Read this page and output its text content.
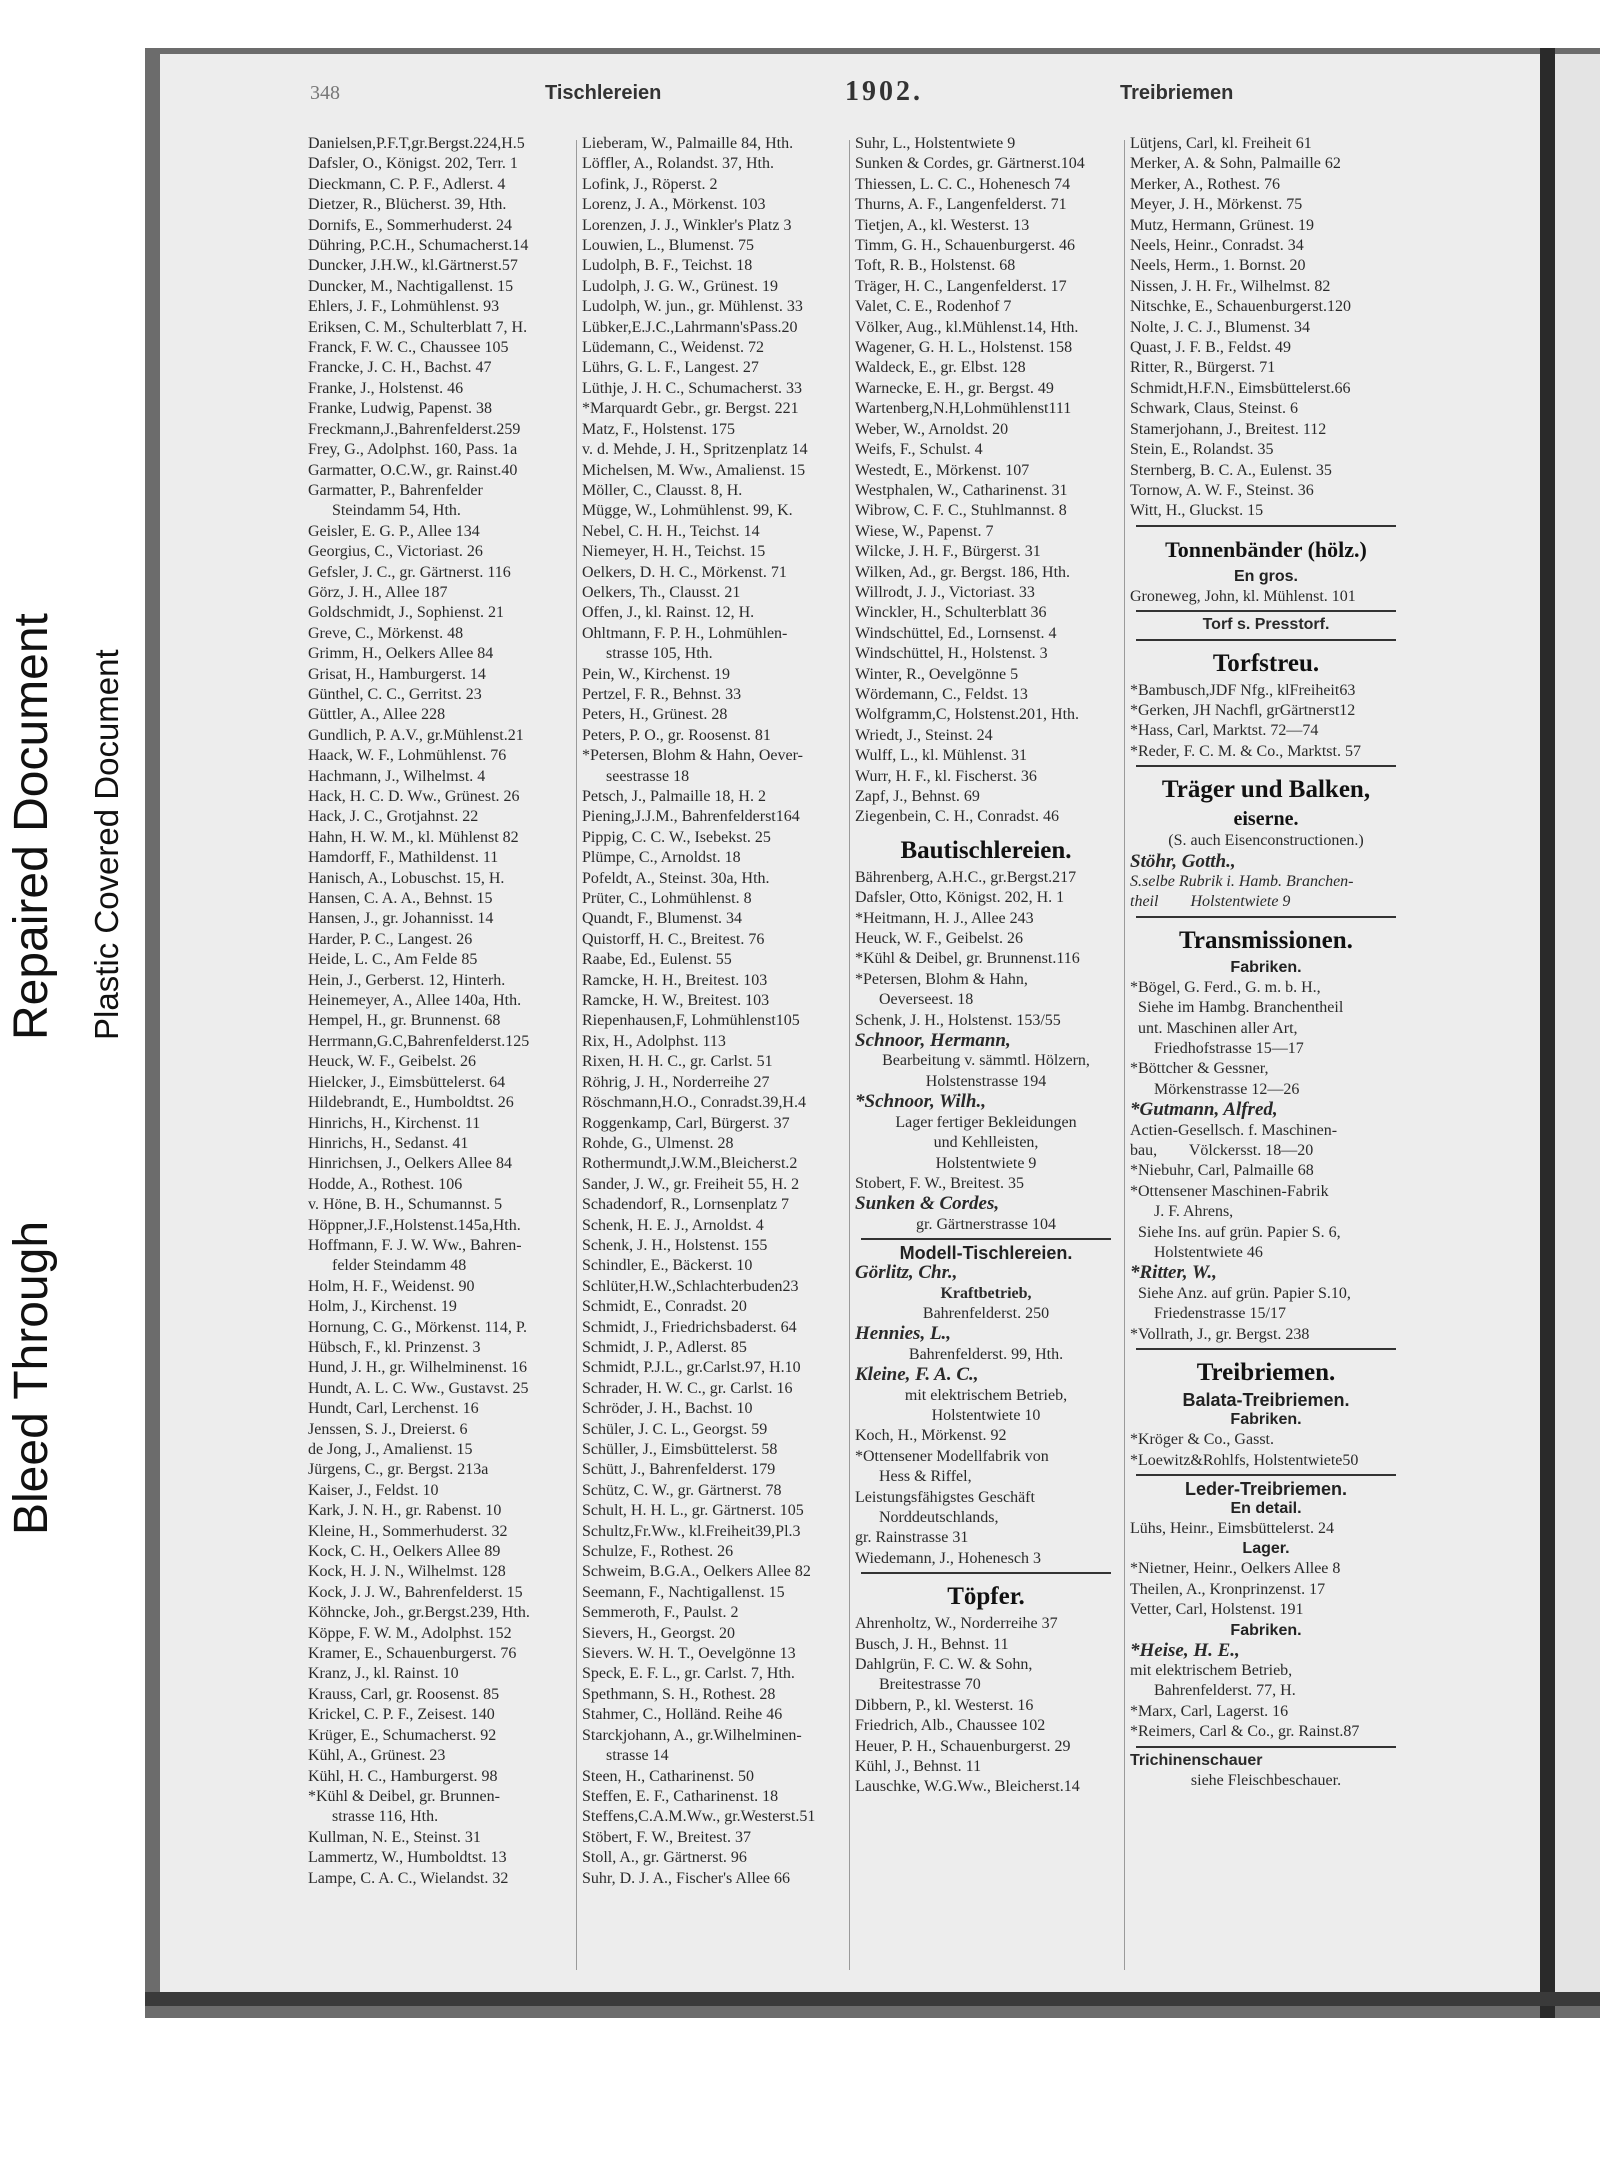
Bleed Through
Repaired Document Plastic Covered Document
348	Tischlereien	1902.	Treibriemen
Danielsen,P.F.T,gr.Bergst.224,H.5
Dafsler, O., Königst. 202, Terr. 1
Dieckmann, C. P. F., Adlerst. 4
Dietzer, R., Blücherst. 39, Hth.
Dornifs, E., Sommerhuderst. 24
Dühring, P.C.H., Schumacherst.14
Duncker, J.H.W., kl.Gärtnerst.57
Duncker, M., Nachtigallenst. 15
Ehlers, J. F., Lohmühlenst. 93
Eriksen, C. M., Schulterblatt 7, H.
Franck, F. W. C., Chaussee 105
Francke, J. C. H., Bachst. 47
Franke, J., Holstenst. 46
Franke, Ludwig, Papenst. 38
Freckmann,J.,Bahrenfelderst.259
Frey, G., Adolphst. 160, Pass. 1a
Garmatter, O.C.W., gr. Rainst.40
Garmatter, P., Bahrenfelder
Steindamm 54, Hth.
Geisler, E. G. P., Allee 134
Georgius, C., Victoriast. 26
Gefsler, J. C., gr. Gärtnerst. 116
Görz, J. H., Allee 187
Goldschmidt, J., Sophienst. 21
Greve, C., Mörkenst. 48
Grimm, H., Oelkers Allee 84
Grisat, H., Hamburgerst. 14
Günthel, C. C., Gerritst. 23
Güttler, A., Allee 228
Gundlich, P. A.V., gr.Mühlenst.21
Haack, W. F., Lohmühlenst. 76
Hachmann, J., Wilhelmst. 4
Hack, H. C. D. Ww., Grünest. 26
Hack, J. C., Grotjahnst. 22
Hahn, H. W. M., kl. Mühlenst 82
Hamdorff, F., Mathildenst. 11
Hanisch, A., Lobuschst. 15, H.
Hansen, C. A. A., Behnst. 15
Hansen, J., gr. Johannisst. 14
Harder, P. C., Langest. 26
Heide, L. C., Am Felde 85
Hein, J., Gerberst. 12, Hinterh.
Heinemeyer, A., Allee 140a, Hth.
Hempel, H., gr. Brunnenst. 68
Herrmann,G.C,Bahrenfelderst.125
Heuck, W. F., Geibelst. 26
Hielcker, J., Eimsbüttelerst. 64
Hildebrandt, E., Humboldtst. 26
Hinrichs, H., Kirchenst. 11
Hinrichs, H., Sedanst. 41
Hinrichsen, J., Oelkers Allee 84
Hodde, A., Rothest. 106
v. Höne, B. H., Schumannst. 5
Höppner,J.F.,Holstenst.145a,Hth.
Hoffmann, F. J. W. Ww., Bahren-
felder Steindamm 48
Holm, H. F., Weidenst. 90
Holm, J., Kirchenst. 19
Hornung, C. G., Mörkenst. 114, P.
Hübsch, F., kl. Prinzenst. 3
Hund, J. H., gr. Wilhelminenst. 16
Hundt, A. L. C. Ww., Gustavst. 25
Hundt, Carl, Lerchenst. 16
Jenssen, S. J., Dreierst. 6
de Jong, J., Amalienst. 15
Jürgens, C., gr. Bergst. 213a
Kaiser, J., Feldst. 10
Kark, J. N. H., gr. Rabenst. 10
Kleine, H., Sommerhuderst. 32
Kock, C. H., Oelkers Allee 89
Kock, H. J. N., Wilhelmst. 128
Kock, J. J. W., Bahrenfelderst. 15
Köhncke, Joh., gr.Bergst.239, Hth.
Köppe, F. W. M., Adolphst. 152
Kramer, E., Schauenburgerst. 76
Kranz, J., kl. Rainst. 10
Krauss, Carl, gr. Roosenst. 85
Krickel, C. P. F., Zeisest. 140
Krüger, E., Schumacherst. 92
Kühl, A., Grünest. 23
Kühl, H. C., Hamburgerst. 98
*Kühl & Deibel, gr. Brunnen-
strasse 116, Hth.
Kullman, N. E., Steinst. 31
Lammertz, W., Humboldtst. 13
Lampe, C. A. C., Wielandst. 32
Lieberam, W., Palmaille 84, Hth.
Löffler, A., Rolandst. 37, Hth.
Lofink, J., Röperst. 2
Lorenz, J. A., Mörkenst. 103
Lorenzen, J. J., Winkler's Platz 3
Louwien, L., Blumenst. 75
Ludolph, B. F., Teichst. 18
Ludolph, J. G. W., Grünest. 19
Ludolph, W. jun., gr. Mühlenst. 33
Lübker,E.J.C.,Lahrmann'sPass.20
Lüdemann, C., Weidenst. 72
Lührs, G. L. F., Langest. 27
Lüthje, J. H. C., Schumacherst. 33
*Marquardt Gebr., gr. Bergst. 221
Matz, F., Holstenst. 175
v. d. Mehde, J. H., Spritzenplatz 14
Michelsen, M. Ww., Amalienst. 15
Möller, C., Clausst. 8, H.
Mügge, W., Lohmühlenst. 99, K.
Nebel, C. H. H., Teichst. 14
Niemeyer, H. H., Teichst. 15
Oelkers, D. H. C., Mörkenst. 71
Oelkers, Th., Clausst. 21
Offen, J., kl. Rainst. 12, H.
Ohltmann, F. P. H., Lohmühlen-
strasse 105, Hth.
Pein, W., Kirchenst. 19
Pertzel, F. R., Behnst. 33
Peters, H., Grünest. 28
Peters, P. O., gr. Roosenst. 81
*Petersen, Blohm & Hahn, Oever-
seestrasse 18
Petsch, J., Palmaille 18, H. 2
Piening,J.J.M., Bahrenfelderst164
Pippig, C. C. W., Isebekst. 25
Plümpe, C., Arnoldst. 18
Pofeldt, A., Steinst. 30a, Hth.
Prüter, C., Lohmühlenst. 8
Quandt, F., Blumenst. 34
Quistorff, H. C., Breitest. 76
Raabe, Ed., Eulenst. 55
Ramcke, H. H., Breitest. 103
Ramcke, H. W., Breitest. 103
Riepenhausen,F, Lohmühlenst105
Rix, H., Adolphst. 113
Rixen, H. H. C., gr. Carlst. 51
Röhrig, J. H., Norderreihe 27
Röschmann,H.O., Conradst.39,H.4
Roggenkamp, Carl, Bürgerst. 37
Rohde, G., Ulmenst. 28
Rothermundt,J.W.M.,Bleicherst.2
Sander, J. W., gr. Freiheit 55, H. 2
Schadendorf, R., Lornsenplatz 7
Schenk, H. E. J., Arnoldst. 4
Schenk, J. H., Holstenst. 155
Schindler, E., Bäckerst. 10
Schlüter,H.W.,Schlachterbuden23
Schmidt, E., Conradst. 20
Schmidt, J., Friedrichsbaderst. 64
Schmidt, J. P., Adlerst. 85
Schmidt, P.J.L., gr.Carlst.97, H.10
Schrader, H. W. C., gr. Carlst. 16
Schröder, J. H., Bachst. 10
Schüler, J. C. L., Georgst. 59
Schüller, J., Eimsbüttelerst. 58
Schütt, J., Bahrenfelderst. 179
Schütz, C. W., gr. Gärtnerst. 78
Schult, H. H. L., gr. Gärtnerst. 105
Schultz,Fr.Ww., kl.Freiheit39,Pl.3
Schulze, F., Rothest. 26
Schweim, B.G.A., Oelkers Allee 82
Seemann, F., Nachtigallenst. 15
Semmeroth, F., Paulst. 2
Sievers, H., Georgst. 20
Sievers. W. H. T., Oevelgönne 13
Speck, E. F. L., gr. Carlst. 7, Hth.
Spethmann, S. H., Rothest. 28
Stahmer, C., Holländ. Reihe 46
Starckjohann, A., gr.Wilhelminen-
strasse 14
Steen, H., Catharinenst. 50
Steffen, E. F., Catharinenst. 18
Steffens,C.A.M.Ww., gr.Westerst.51
Stöbert, F. W., Breitest. 37
Stoll, A., gr. Gärtnerst. 96
Suhr, D. J. A., Fischer's Allee 66
Suhr, L., Holstentwiete 9
Sunken & Cordes, gr. Gärtnerst.104
Thiessen, L. C. C., Hohenesch 74
Thurns, A. F., Langenfelderst. 71
Tietjen, A., kl. Westerst. 13
Timm, G. H., Schauenburgerst. 46
Toft, R. B., Holstenst. 68
Träger, H. C., Langenfelderst. 17
Valet, C. E., Rodenhof 7
Völker, Aug., kl.Mühlenst.14, Hth.
Wagener, G. H. L., Holstenst. 158
Waldeck, E., gr. Elbst. 128
Warnecke, E. H., gr. Bergst. 49
Wartenberg,N.H,Lohmühlenst111
Weber, W., Arnoldst. 20
Weifs, F., Schulst. 4
Westedt, E., Mörkenst. 107
Westphalen, W., Catharinenst. 31
Wibrow, C. F. C., Stuhlmannst. 8
Wiese, W., Papenst. 7
Wilcke, J. H. F., Bürgerst. 31
Wilken, Ad., gr. Bergst. 186, Hth.
Willrodt, J. J., Victoriast. 33
Winckler, H., Schulterblatt 36
Windschüttel, Ed., Lornsenst. 4
Windschüttel, H., Holstenst. 3
Winter, R., Oevelgönne 5
Wördemann, C., Feldst. 13
Wolfgramm,C, Holstenst.201, Hth.
Wriedt, J., Steinst. 24
Wulff, L., kl. Mühlenst. 31
Wurr, H. F., kl. Fischerst. 36
Zapf, J., Behnst. 69
Ziegenbein, C. H., Conradst. 46
Bautischlereien.
Bährenberg, A.H.C., gr.Bergst.217
Dafsler, Otto, Königst. 202, H. 1
*Heitmann, H. J., Allee 243
Heuck, W. F., Geibelst. 26
*Kühl & Deibel, gr. Brunnenst.116
*Petersen, Blohm & Hahn,
Oeverseest. 18
Schenk, J. H., Holstenst. 153/55
Schnoor, Hermann,
Bearbeitung v. sämmtl. Hölzern,
Holstenstrasse 194
*Schnoor, Wilh.,
Lager fertiger Bekleidungen
und Kehlleisten,
Holstentwiete 9
Stobert, F. W., Breitest. 35
Sunken & Cordes,
gr. Gärtnerstrasse 104
Modell-Tischlereien.
Görlitz, Chr.,
Kraftbetrieb,
Bahrenfelderst. 250
Hennies, L.,
Bahrenfelderst. 99, Hth.
Kleine, F. A. C.,
mit elektrischem Betrieb,
Holstentwiete 10
Koch, H., Mörkenst. 92
*Ottensener Modellfabrik von
Hess & Riffel,
Leistungsfähigstes Geschäft
Norddeutschlands,
gr. Rainstrasse 31
Wiedemann, J., Hohenesch 3
Töpfer.
Ahrenholtz, W., Norderreihe 37
Busch, J. H., Behnst. 11
Dahlgrün, F. C. W. & Sohn,
Breitestrasse 70
Dibbern, P., kl. Westerst. 16
Friedrich, Alb., Chaussee 102
Heuer, P. H., Schauenburgerst. 29
Kühl, J., Behnst. 11
Lauschke, W.G.Ww., Bleicherst.14
Lütjens, Carl, kl. Freiheit 61
Merker, A. & Sohn, Palmaille 62
Merker, A., Rothest. 76
Meyer, J. H., Mörkenst. 75
Mutz, Hermann, Grünest. 19
Neels, Heinr., Conradst. 34
Neels, Herm., 1. Bornst. 20
Nissen, J. H. Fr., Wilhelmst. 82
Nitschke, E., Schauenburgerst.120
Nolte, J. C. J., Blumenst. 34
Quast, J. F. B., Feldst. 49
Ritter, R., Bürgerst. 71
Schmidt,H.F.N., Eimsbüttelerst.66
Schwark, Claus, Steinst. 6
Stamerjohann, J., Breitest. 112
Stein, E., Rolandst. 35
Sternberg, B. C. A., Eulenst. 35
Tornow, A. W. F., Steinst. 36
Witt, H., Gluckst. 15
Tonnenbänder (hölz.)
En gros.
Groneweg, John, kl. Mühlenst. 101
Torf s. Presstorf.
Torfstreu.
*Bambusch,JDF Nfg., klFreiheit63
*Gerken, JH Nachfl, grGärtnerst12
*Hass, Carl, Marktst. 72—74
*Reder, F. C. M. & Co., Marktst. 57
Träger und Balken,
eiserne.
(S. auch Eisenconstructionen.)
Stöhr, Gotth.,
S.selbe Rubrik i. Hamb. Branchen-
theil        Holstentwiete 9
Transmissionen.
Fabriken.
*Bögel, G. Ferd., G. m. b. H.,
Siehe im Hambg. Branchentheil
unt. Maschinen aller Art,
Friedhofstrasse 15—17
*Böttcher & Gessner,
Mörkenstrasse 12—26
*Gutmann, Alfred,
Actien-Gesellsch. f. Maschinen-
bau,        Völckersst. 18—20
*Niebuhr, Carl, Palmaille 68
*Ottensener Maschinen-Fabrik
J. F. Ahrens,
Siehe Ins. auf grün. Papier S. 6,
Holstentwiete 46
*Ritter, W.,
Siehe Anz. auf grün. Papier S.10,
Friedenstrasse 15/17
*Vollrath, J., gr. Bergst. 238
Treibriemen.
Balata-Treibriemen.
Fabriken.
*Kröger & Co., Gasst.
*Loewitz&Rohlfs, Holstentwiete50
Leder-Treibriemen.
En detail.
Lühs, Heinr., Eimsbüttelerst. 24
Lager.
*Nietner, Heinr., Oelkers Allee 8
Theilen, A., Kronprinzenst. 17
Vetter, Carl, Holstenst. 191
Fabriken.
*Heise, H. E.,
mit elektrischem Betrieb,
Bahrenfelderst. 77, H.
*Marx, Carl, Lagerst. 16
*Reimers, Carl & Co., gr. Rainst.87
Trichinenschauer
siehe Fleischbeschauer.
